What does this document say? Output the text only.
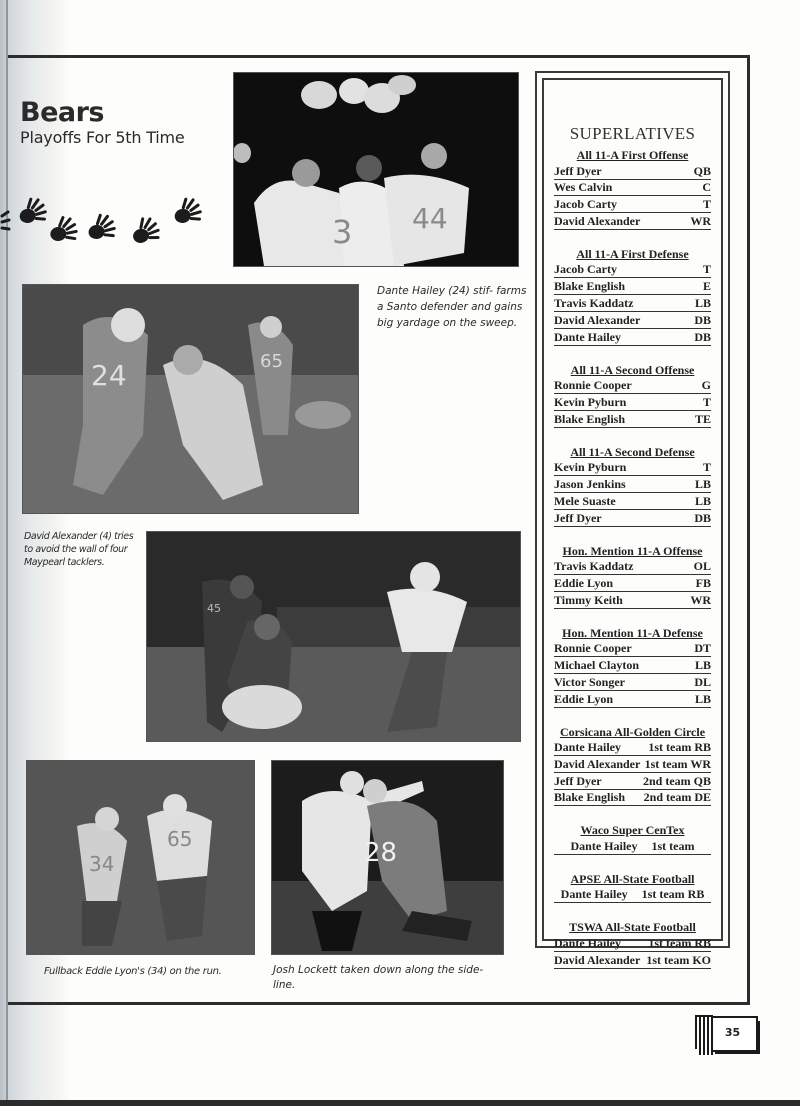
Bears
Playoffs For 5th Time
3 44
24	65
Dante Hailey (24) stif- farms a Santo defender and gains big yardage on the sweep.
David Alexander (4) tries to avoid the wall of four Maypearl tacklers.
45
34
65	28
Fullback Eddie Lyon's (34) on the run.	Josh Lockett taken down along the side- line.
SUPERLATIVES
All 11-A First Offense
Jeff Dyer	QB
Wes Calvin	C
Jacob Carty	T
David Alexander	WR
All 11-A First Defense
Jacob Carty	T
Blake English	E
Travis Kaddatz	LB
David Alexander	DB
Dante Hailey	DB
All 11-A Second Offense
Ronnie Cooper	G
Kevin Pyburn	T
Blake English	TE
All 11-A Second Defense
Kevin Pyburn	T
Jason Jenkins	LB
Mele Suaste	LB
Jeff Dyer	DB
Hon. Mention 11-A Offense
Travis Kaddatz	OL
Eddie Lyon	FB
Timmy Keith	WR
Hon. Mention 11-A Defense
Ronnie Cooper	DT
Michael Clayton	LB
Victor Songer	DL
Eddie Lyon	LB
Corsicana All-Golden Circle
Dante Hailey 1st team RB
David Alexander 1st team WR
Jeff Dyer	2nd team QB
Blake English 2nd team DE
Waco Super CenTex
Dante Hailey 1st team
APSE All-State Football
Dante Hailey 1st team RB
TSWA All-State Football
Dante Hailey 1st team RB
David Alexander 1st team KO
35
